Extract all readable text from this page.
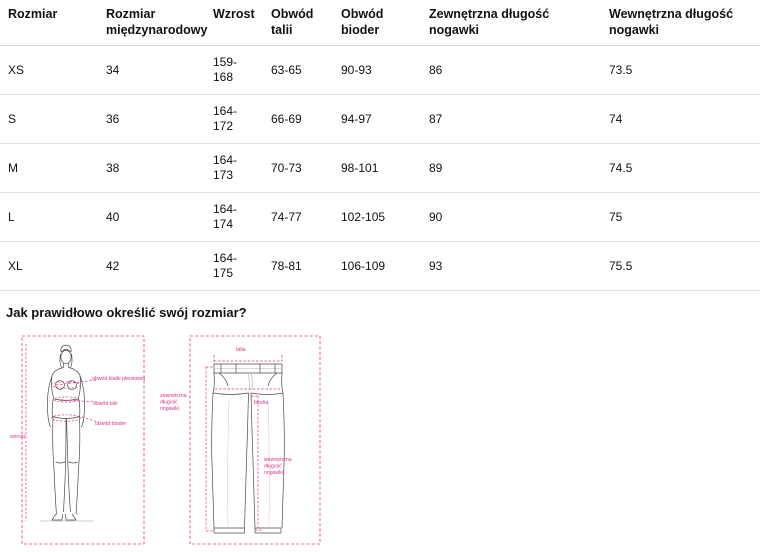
Rozmiar	Rozmiar międzynarodowy	Wzrost	Obwód talii	Obwód bioder	Zewnętrzna długość nogawki	Wewnętrzna długość nogawki
XS	34	159-168	63-65	90-93	86	73.5
S	36	164-172	66-69	94-97	87	74
M	38	164-173	70-73	98-101	89	74.5
L	40	164-174	74-77	102-105	90	75
XL	42	164-175	78-81	106-109	93	75.5
Jak prawidłowo określić swój rozmiar?
obwód klatki piersiowej
obwód talii
obwód bioder
wzrost
talia
biodra
zewnętrzna długość nogawki
wewnętrzna długość nogawki
